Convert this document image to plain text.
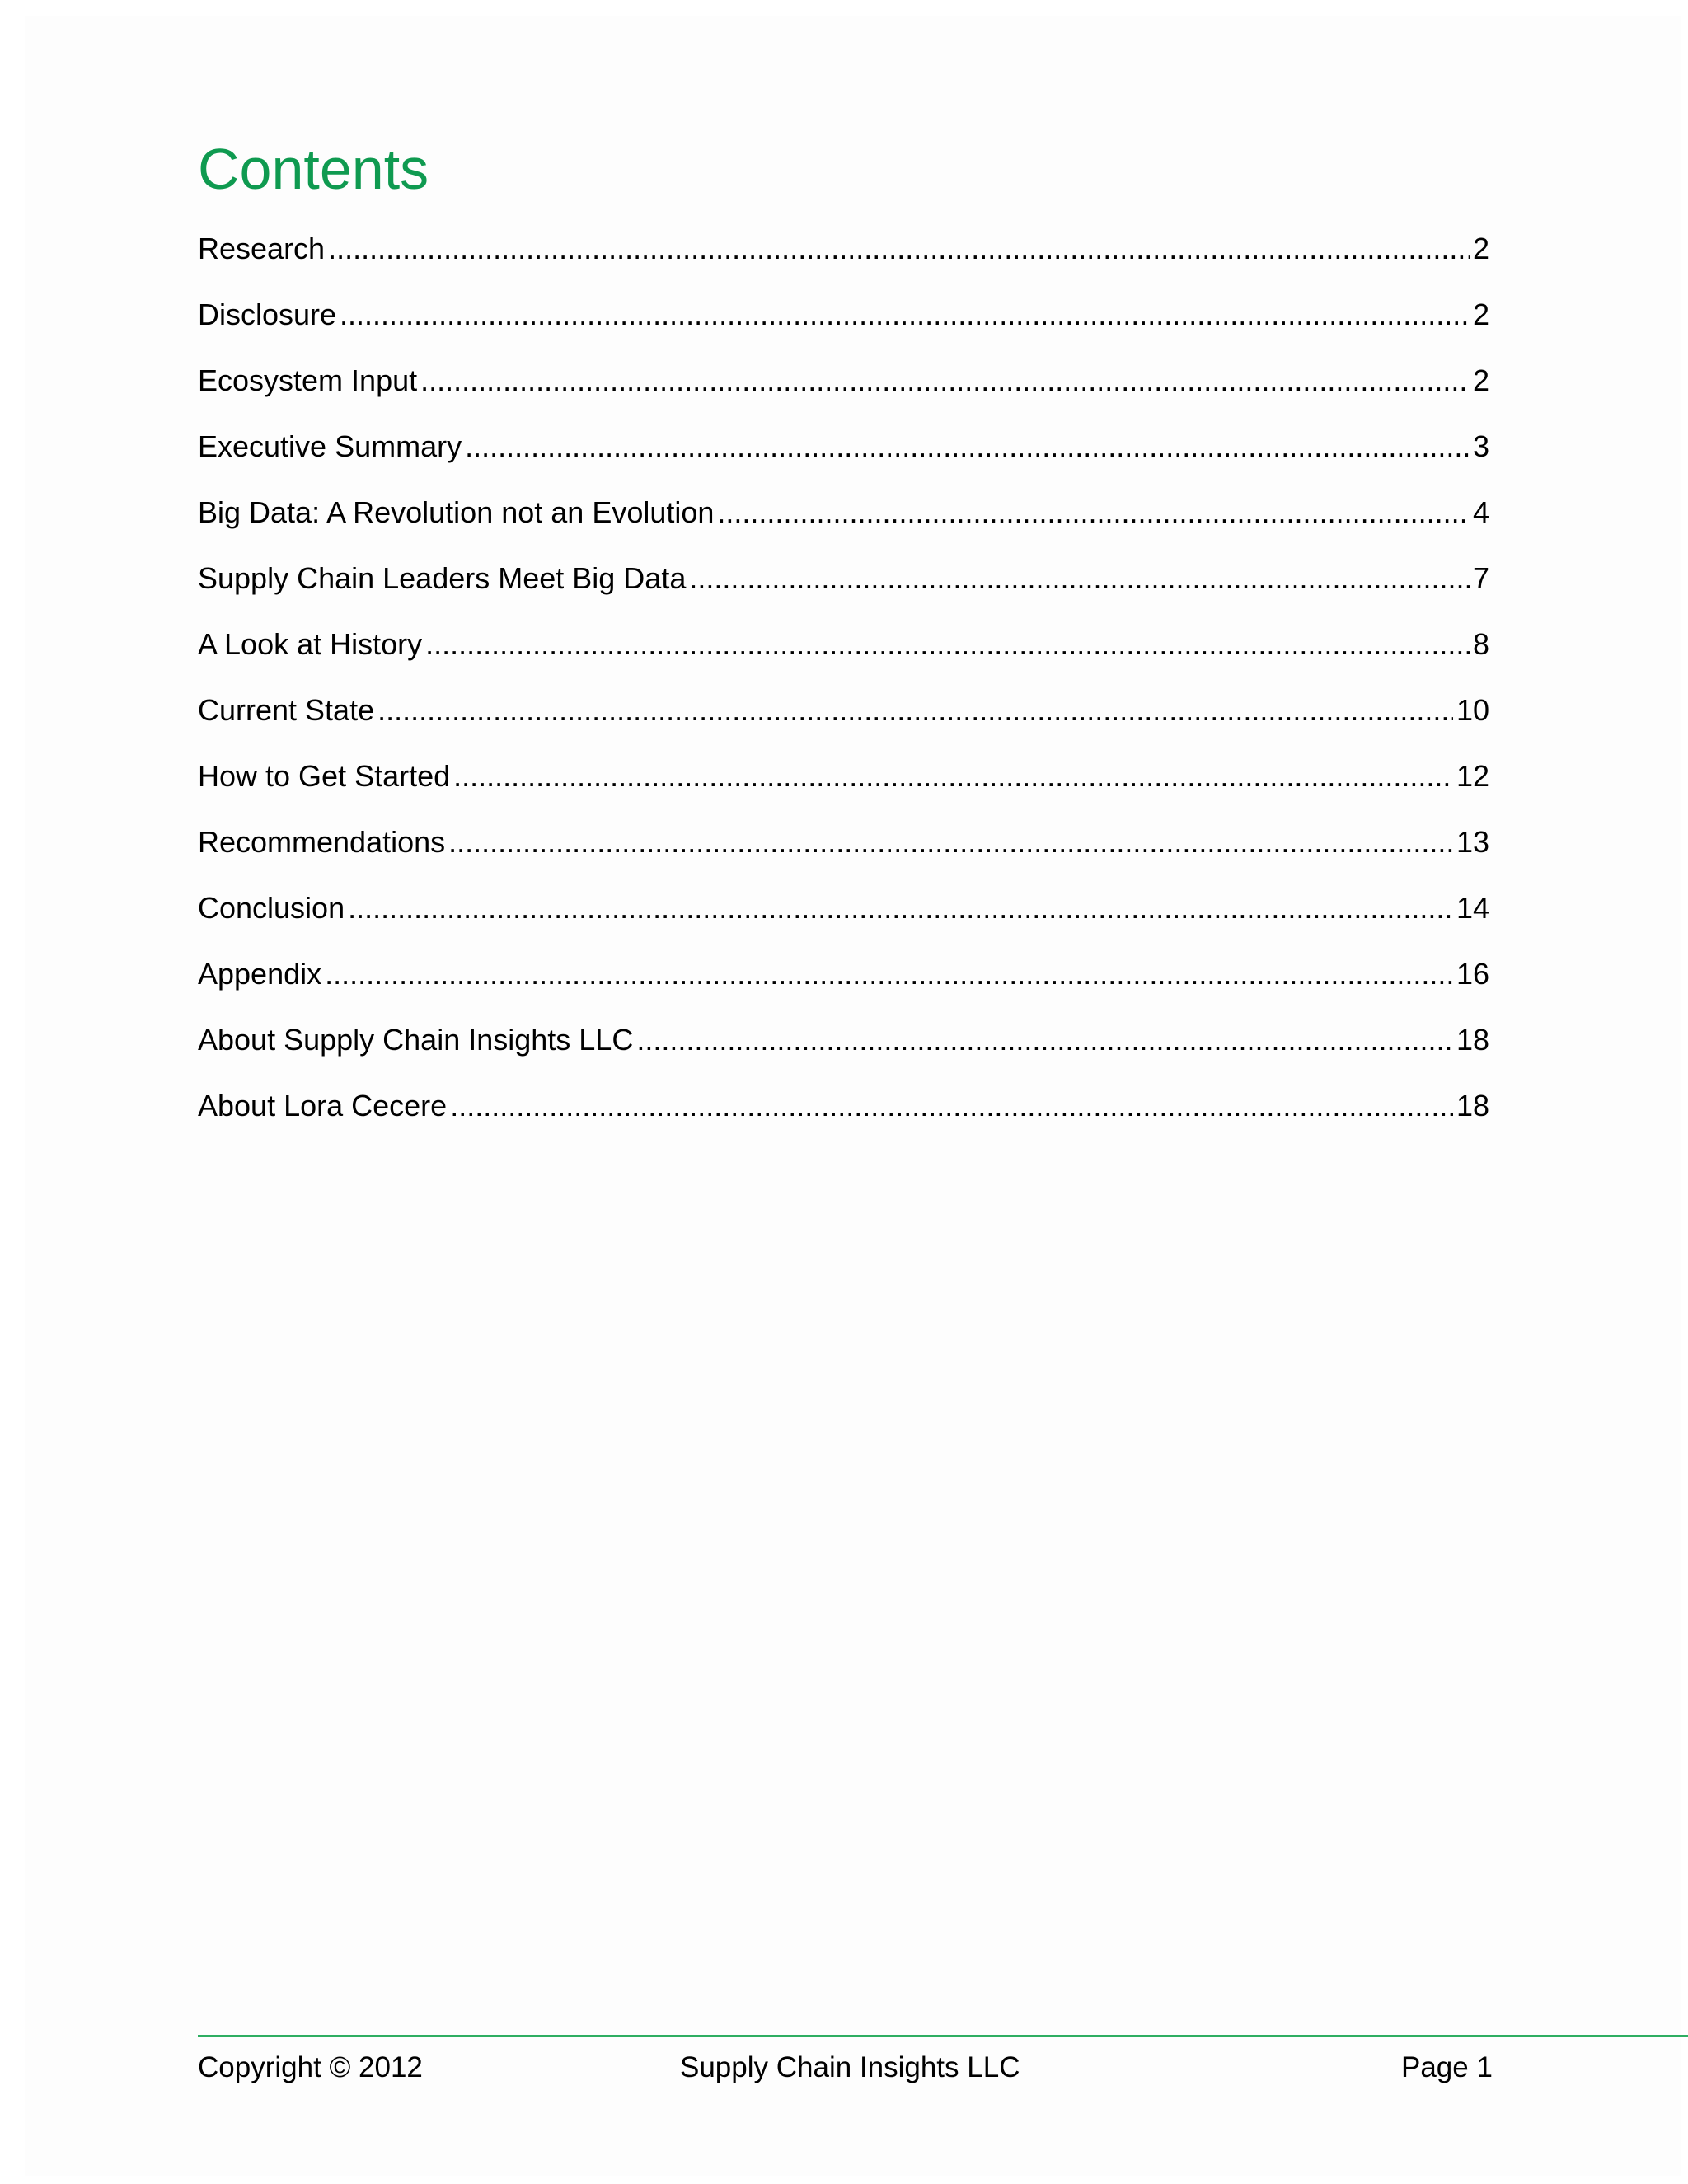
Contents
Research .....	2
Disclosure .....	2
Ecosystem Input .....	2
Executive Summary .....	3
Big Data: A Revolution not an Evolution .....	4
Supply Chain Leaders Meet Big Data .....	7
A Look at History .....	8
Current State .....	10
How to Get Started .....	12
Recommendations .....	13
Conclusion .....	14
Appendix .....	16
About Supply Chain Insights LLC .....	18
About Lora Cecere .....	18
Copyright © 2012	Supply Chain Insights LLC	Page 1
